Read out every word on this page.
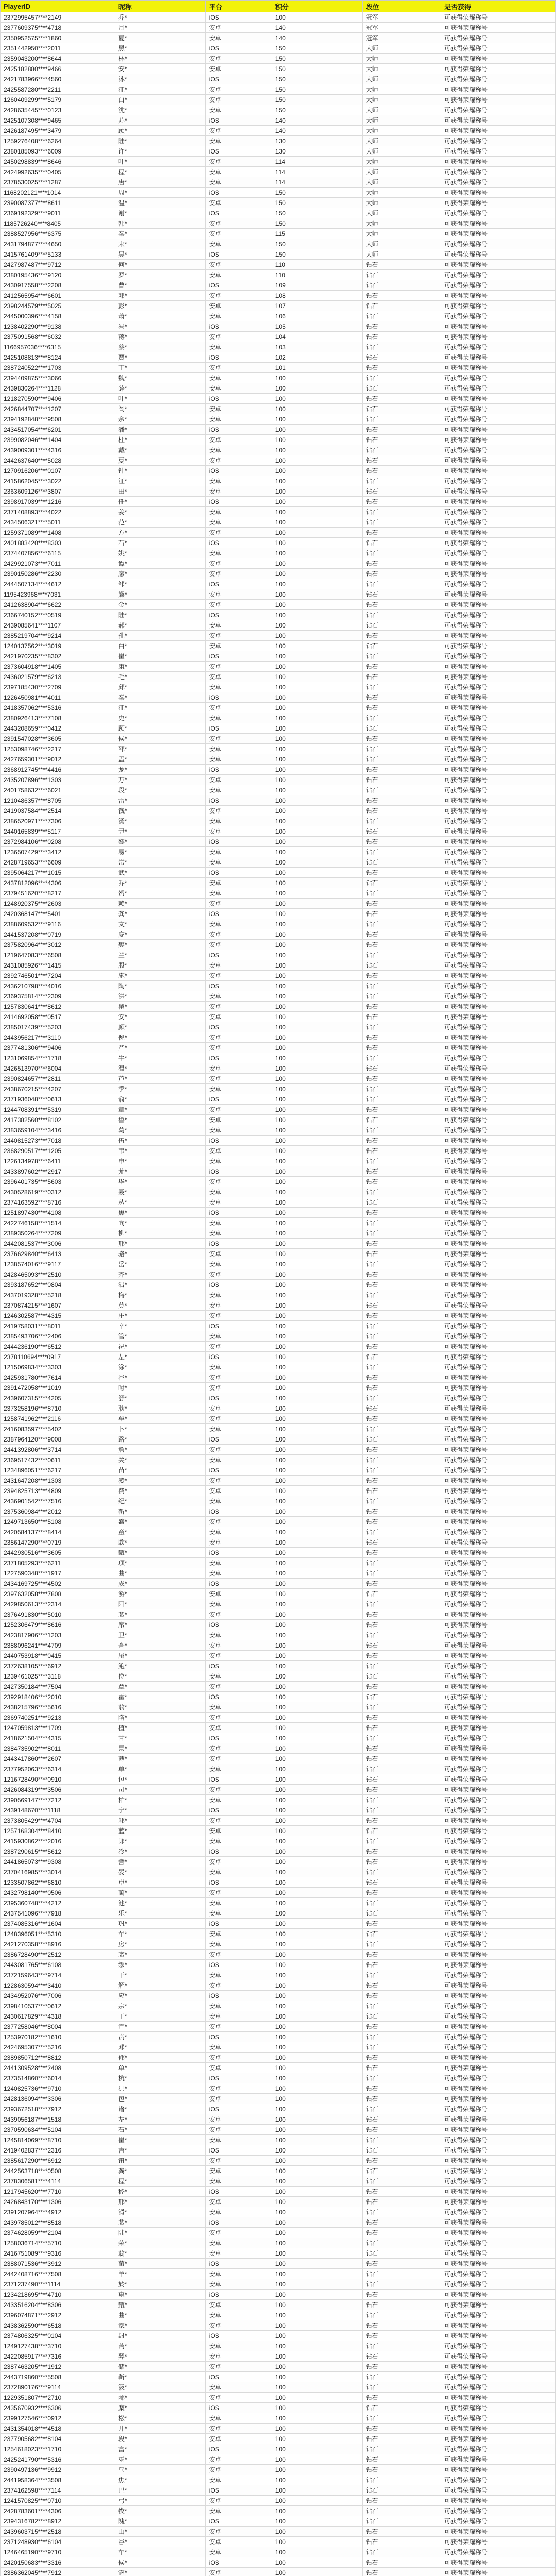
PlayerID	昵称	平台	积分	段位	是否获得
2372995457****2149	乔*	iOS	100	冠军	可获得荣耀称号
2377609375****4718	月*	安卓	140	冠军	可获得荣耀称号
2350952575****1860	夏*	安卓	140	冠军	可获得荣耀称号
2351442950****2011	黑*	iOS	150	大师	可获得荣耀称号
2359043200****8644	林*	安卓	150	大师	可获得荣耀称号
2425182880****9466	安*	安卓	150	大师	可获得荣耀称号
2421783966****4560	沐*	iOS	150	大师	可获得荣耀称号
2425587280****2211	江*	安卓	150	大师	可获得荣耀称号
1260409299****5179	白*	安卓	150	大师	可获得荣耀称号
2428635445****0123	沈*	安卓	150	大师	可获得荣耀称号
2425107308****9465	苏*	iOS	140	大师	可获得荣耀称号
2426187495****3479	顾*	安卓	140	大师	可获得荣耀称号
1259276408****6264	陆*	安卓	130	大师	可获得荣耀称号
2380185093****6009	许*	iOS	130	大师	可获得荣耀称号
2450298839****8646	叶*	安卓	114	大师	可获得荣耀称号
2424992635****0405	程*	安卓	114	大师	可获得荣耀称号
2378530025****1287	唐*	安卓	114	大师	可获得荣耀称号
1168202121****1014	周*	iOS	150	大师	可获得荣耀称号
2390087377****8611	温*	安卓	150	大师	可获得荣耀称号
2369192329****9011	谢*	iOS	150	大师	可获得荣耀称号
1185726240****8405	韩*	安卓	150	大师	可获得荣耀称号
2388527956****6375	秦*	安卓	115	大师	可获得荣耀称号
2431794877****4650	宋*	安卓	150	大师	可获得荣耀称号
2415761409****5133	吴*	iOS	150	大师	可获得荣耀称号
2427987487****9712	何*	安卓	110	钻石	可获得荣耀称号
2380195436****9120	罗*	安卓	110	钻石	可获得荣耀称号
2430917558****2208	曹*	iOS	109	钻石	可获得荣耀称号
2412565954****6601	邓*	安卓	108	钻石	可获得荣耀称号
2398244579****5025	彭*	安卓	107	钻石	可获得荣耀称号
2445000396****4158	萧*	安卓	106	钻石	可获得荣耀称号
1238402290****9138	冯*	iOS	105	钻石	可获得荣耀称号
2375091568****6032	蒋*	安卓	104	钻石	可获得荣耀称号
1166957036****6315	蔡*	安卓	103	钻石	可获得荣耀称号
2425108813****8124	贾*	iOS	102	钻石	可获得荣耀称号
2387240522****1703	丁*	安卓	101	钻石	可获得荣耀称号
2394409875****3066	魏*	安卓	100	钻石	可获得荣耀称号
2439830264****1128	薛*	安卓	100	钻石	可获得荣耀称号
1218270590****9406	叶*	iOS	100	钻石	可获得荣耀称号
2426844707****1207	阎*	安卓	100	钻石	可获得荣耀称号
2394192848****9508	余*	安卓	100	钻石	可获得荣耀称号
2434517054****6201	潘*	iOS	100	钻石	可获得荣耀称号
2399082046****1404	杜*	安卓	100	钻石	可获得荣耀称号
2439009301****4316	戴*	安卓	100	钻石	可获得荣耀称号
2442637640****5028	夏*	安卓	100	钻石	可获得荣耀称号
1270916206****0107	钟*	iOS	100	钻石	可获得荣耀称号
2415862045****3022	汪*	安卓	100	钻石	可获得荣耀称号
2363609126****3807	田*	安卓	100	钻石	可获得荣耀称号
2398917039****1216	任*	iOS	100	钻石	可获得荣耀称号
2371408893****4022	姜*	安卓	100	钻石	可获得荣耀称号
2434506321****5011	范*	安卓	100	钻石	可获得荣耀称号
1259371089****1408	方*	安卓	100	钻石	可获得荣耀称号
2401883420****8303	石*	iOS	100	钻石	可获得荣耀称号
2374407856****6115	姚*	安卓	100	钻石	可获得荣耀称号
2429921073****7011	谭*	安卓	100	钻石	可获得荣耀称号
2390150286****2230	廖*	安卓	100	钻石	可获得荣耀称号
2444507134****4612	邹*	iOS	100	钻石	可获得荣耀称号
1195423968****7031	熊*	安卓	100	钻石	可获得荣耀称号
2412638904****6622	金*	安卓	100	钻石	可获得荣耀称号
2366740152****0519	陆*	iOS	100	钻石	可获得荣耀称号
2439085641****1107	郝*	安卓	100	钻石	可获得荣耀称号
2385219704****9214	孔*	安卓	100	钻石	可获得荣耀称号
1240137562****3019	白*	安卓	100	钻石	可获得荣耀称号
2421970235****8302	崔*	iOS	100	钻石	可获得荣耀称号
2373604918****1405	康*	安卓	100	钻石	可获得荣耀称号
2436021579****6213	毛*	安卓	100	钻石	可获得荣耀称号
2397185430****2709	邱*	安卓	100	钻石	可获得荣耀称号
1226450981****4011	秦*	iOS	100	钻石	可获得荣耀称号
2418357062****5316	江*	安卓	100	钻石	可获得荣耀称号
2380926413****7108	史*	安卓	100	钻石	可获得荣耀称号
2443208659****0412	顾*	iOS	100	钻石	可获得荣耀称号
2391547028****3605	侯*	安卓	100	钻石	可获得荣耀称号
1253098746****2217	邵*	安卓	100	钻石	可获得荣耀称号
2427659301****9012	孟*	安卓	100	钻石	可获得荣耀称号
2368912745****4416	龙*	iOS	100	钻石	可获得荣耀称号
2435207896****1303	万*	安卓	100	钻石	可获得荣耀称号
2401758632****6021	段*	安卓	100	钻石	可获得荣耀称号
1210486357****8705	雷*	iOS	100	钻石	可获得荣耀称号
2419037584****2514	钱*	安卓	100	钻石	可获得荣耀称号
2386520971****7306	汤*	安卓	100	钻石	可获得荣耀称号
2440165839****5117	尹*	安卓	100	钻石	可获得荣耀称号
2372984106****0208	黎*	iOS	100	钻石	可获得荣耀称号
1236507429****3412	易*	安卓	100	钻石	可获得荣耀称号
2428719653****6609	常*	安卓	100	钻石	可获得荣耀称号
2395064217****1015	武*	iOS	100	钻石	可获得荣耀称号
2437812096****4306	乔*	安卓	100	钻石	可获得荣耀称号
2379451620****8217	贺*	安卓	100	钻石	可获得荣耀称号
1248920375****2603	赖*	安卓	100	钻石	可获得荣耀称号
2420368147****5401	龚*	iOS	100	钻石	可获得荣耀称号
2388609532****9116	文*	安卓	100	钻石	可获得荣耀称号
2441537208****0719	庞*	安卓	100	钻石	可获得荣耀称号
2375820964****3012	樊*	安卓	100	钻石	可获得荣耀称号
1219647083****6508	兰*	iOS	100	钻石	可获得荣耀称号
2431085926****1415	殷*	安卓	100	钻石	可获得荣耀称号
2392746501****7204	施*	安卓	100	钻石	可获得荣耀称号
2436210798****4016	陶*	iOS	100	钻石	可获得荣耀称号
2369375814****2309	洪*	安卓	100	钻石	可获得荣耀称号
1257830641****8612	翟*	安卓	100	钻石	可获得荣耀称号
2414692058****0517	安*	安卓	100	钻石	可获得荣耀称号
2385017439****5203	颜*	iOS	100	钻石	可获得荣耀称号
2443956217****3110	倪*	安卓	100	钻石	可获得荣耀称号
2377481306****9406	严*	安卓	100	钻石	可获得荣耀称号
1231069854****1718	牛*	iOS	100	钻石	可获得荣耀称号
2426513970****6004	温*	安卓	100	钻石	可获得荣耀称号
2390824657****2811	芦*	安卓	100	钻石	可获得荣耀称号
2438670215****4207	季*	安卓	100	钻石	可获得荣耀称号
2371936048****0613	俞*	iOS	100	钻石	可获得荣耀称号
1244708391****5319	章*	安卓	100	钻石	可获得荣耀称号
2417382560****8102	鲁*	安卓	100	钻石	可获得荣耀称号
2383659104****3416	葛*	安卓	100	钻石	可获得荣耀称号
2440815273****7018	伍*	iOS	100	钻石	可获得荣耀称号
2368290517****1205	韦*	安卓	100	钻石	可获得荣耀称号
1226134978****6411	申*	安卓	100	钻石	可获得荣耀称号
2433897602****2917	尤*	iOS	100	钻石	可获得荣耀称号
2396401735****5603	毕*	安卓	100	钻石	可获得荣耀称号
2430528619****0312	聂*	安卓	100	钻石	可获得荣耀称号
2374163592****8716	丛*	安卓	100	钻石	可获得荣耀称号
1251897430****4108	焦*	iOS	100	钻石	可获得荣耀称号
2422746158****1514	向*	安卓	100	钻石	可获得荣耀称号
2389350264****7209	柳*	安卓	100	钻石	可获得荣耀称号
2442081537****3006	邢*	iOS	100	钻石	可获得荣耀称号
2376629840****6413	骆*	安卓	100	钻石	可获得荣耀称号
1238574016****9117	岳*	安卓	100	钻石	可获得荣耀称号
2428465093****2510	齐*	安卓	100	钻石	可获得荣耀称号
2393187652****0804	沿*	iOS	100	钻石	可获得荣耀称号
2437019328****5218	梅*	安卓	100	钻石	可获得荣耀称号
2370874215****1607	莫*	安卓	100	钻石	可获得荣耀称号
1246302587****4315	庄*	安卓	100	钻石	可获得荣耀称号
2419758031****8011	辛*	iOS	100	钻石	可获得荣耀称号
2385493706****2406	管*	安卓	100	钻石	可获得荣耀称号
2444236190****6512	祝*	安卓	100	钻石	可获得荣耀称号
2378110694****0917	左*	iOS	100	钻石	可获得荣耀称号
1215069834****3303	涂*	安卓	100	钻石	可获得荣耀称号
2425931780****7614	谷*	安卓	100	钻石	可获得荣耀称号
2391472058****1019	时*	安卓	100	钻石	可获得荣耀称号
2439607315****4205	舒*	iOS	100	钻石	可获得荣耀称号
2373258196****8710	耿*	安卓	100	钻石	可获得荣耀称号
1258741962****2116	牟*	安卓	100	钻石	可获得荣耀称号
2416083597****5402	卜*	安卓	100	钻石	可获得荣耀称号
2387964120****9008	路*	iOS	100	钻石	可获得荣耀称号
2441392806****3714	詹*	安卓	100	钻石	可获得荣耀称号
2369517432****0611	关*	安卓	100	钻石	可获得荣耀称号
1234896051****6217	苗*	iOS	100	钻石	可获得荣耀称号
2431647208****1303	凌*	安卓	100	钻石	可获得荣耀称号
2394825713****4809	费*	安卓	100	钻石	可获得荣耀称号
2436901542****7516	纪*	安卓	100	钻石	可获得荣耀称号
2375360984****2012	靳*	iOS	100	钻石	可获得荣耀称号
1249713650****5108	盛*	安卓	100	钻石	可获得荣耀称号
2420584137****8414	童*	安卓	100	钻石	可获得荣耀称号
2386147290****0719	欧*	安卓	100	钻石	可获得荣耀称号
2442930516****3605	甄*	iOS	100	钻石	可获得荣耀称号
2371805293****6211	项*	安卓	100	钻石	可获得荣耀称号
1227590348****1917	曲*	安卓	100	钻石	可获得荣耀称号
2434169725****4502	成*	iOS	100	钻石	可获得荣耀称号
2397632058****7808	游*	安卓	100	钻石	可获得荣耀称号
2429850613****2314	阳*	安卓	100	钻石	可获得荣耀称号
2376491830****5010	裴*	安卓	100	钻石	可获得荣耀称号
1252306479****8616	席*	iOS	100	钻石	可获得荣耀称号
2423817906****1203	卫*	安卓	100	钻石	可获得荣耀称号
2388096241****4709	查*	安卓	100	钻石	可获得荣耀称号
2440753918****0415	屈*	安卓	100	钻石	可获得荣耀称号
2372638105****6912	鲍*	iOS	100	钻石	可获得荣耀称号
1239461025****3118	位*	安卓	100	钻石	可获得荣耀称号
2427350184****7504	覃*	安卓	100	钻石	可获得荣耀称号
2392918406****2010	霍*	iOS	100	钻石	可获得荣耀称号
2438215796****5616	翁*	安卓	100	钻石	可获得荣耀称号
2369740251****9213	隋*	安卓	100	钻石	可获得荣耀称号
1247059813****1709	植*	安卓	100	钻石	可获得荣耀称号
2418621504****4315	甘*	iOS	100	钻石	可获得荣耀称号
2384735902****8011	景*	安卓	100	钻石	可获得荣耀称号
2443417860****2607	薄*	安卓	100	钻石	可获得荣耀称号
2377952063****6314	单*	安卓	100	钻石	可获得荣耀称号
1216728490****0910	包*	iOS	100	钻石	可获得荣耀称号
2426084319****3506	司*	安卓	100	钻石	可获得荣耀称号
2390569147****7212	柏*	安卓	100	钻石	可获得荣耀称号
2439148670****1118	宁*	iOS	100	钻石	可获得荣耀称号
2373805429****4704	邬*	安卓	100	钻石	可获得荣耀称号
1257168304****8410	蓝*	安卓	100	钻石	可获得荣耀称号
2415930862****2016	郎*	安卓	100	钻石	可获得荣耀称号
2387290615****5612	冷*	iOS	100	钻石	可获得荣耀称号
2441865073****9308	訾*	安卓	100	钻石	可获得荣耀称号
2370416985****3014	晏*	安卓	100	钻石	可获得荣耀称号
1233507862****6810	卓*	iOS	100	钻石	可获得荣耀称号
2432798140****0506	蔺*	安卓	100	钻石	可获得荣耀称号
2395360748****4212	池*	安卓	100	钻石	可获得荣耀称号
2437541096****7918	乐*	安卓	100	钻石	可获得荣耀称号
2374085316****1604	巩*	iOS	100	钻石	可获得荣耀称号
1248396051****5310	车*	安卓	100	钻石	可获得荣耀称号
2421270358****8916	房*	安卓	100	钻石	可获得荣耀称号
2386728490****2512	裘*	安卓	100	钻石	可获得荣耀称号
2443081765****6108	缪*	iOS	100	钻石	可获得荣耀称号
2372159643****9714	干*	安卓	100	钻石	可获得荣耀称号
1228630594****3410	解*	安卓	100	钻石	可获得荣耀称号
2434952076****7006	应*	iOS	100	钻石	可获得荣耀称号
2398410537****0612	宗*	安卓	100	钻石	可获得荣耀称号
2430617829****4318	丁*	安卓	100	钻石	可获得荣耀称号
2377258046****8004	宣*	安卓	100	钻石	可获得荣耀称号
1253970182****1610	贲*	iOS	100	钻石	可获得荣耀称号
2424695307****5216	邓*	安卓	100	钻石	可获得荣耀称号
2389850712****8812	郁*	安卓	100	钻石	可获得荣耀称号
2441309528****2408	单*	安卓	100	钻石	可获得荣耀称号
2373514860****6014	杭*	iOS	100	钻石	可获得荣耀称号
1240825736****9710	洪*	安卓	100	钻石	可获得荣耀称号
2428136094****3306	包*	安卓	100	钻石	可获得荣耀称号
2393672518****7912	诸*	iOS	100	钻石	可获得荣耀称号
2439056187****1518	左*	安卓	100	钻石	可获得荣耀称号
2370590634****5104	石*	安卓	100	钻石	可获得荣耀称号
1245814069****8710	崔*	安卓	100	钻石	可获得荣耀称号
2419402837****2316	吉*	iOS	100	钻石	可获得荣耀称号
2385617290****6912	钮*	安卓	100	钻石	可获得荣耀称号
2442563718****0508	龚*	安卓	100	钻石	可获得荣耀称号
2378306581****4114	程*	安卓	100	钻石	可获得荣耀称号
1217945620****7710	嵇*	iOS	100	钻石	可获得荣耀称号
2426843170****1306	邢*	安卓	100	钻石	可获得荣耀称号
2391207964****4912	滑*	安卓	100	钻石	可获得荣耀称号
2439785012****8518	裴*	iOS	100	钻石	可获得荣耀称号
2374628059****2104	陆*	安卓	100	钻石	可获得荣耀称号
1258036714****5710	荣*	安卓	100	钻石	可获得荣耀称号
2416751089****9316	翁*	安卓	100	钻石	可获得荣耀称号
2388071536****3912	荀*	iOS	100	钻石	可获得荣耀称号
2442408716****7508	羊*	安卓	100	钻石	可获得荣耀称号
2371237490****1114	於*	安卓	100	钻石	可获得荣耀称号
1234218695****4710	惠*	iOS	100	钻石	可获得荣耀称号
2433516204****8306	甄*	安卓	100	钻石	可获得荣耀称号
2396074871****2912	曲*	安卓	100	钻石	可获得荣耀称号
2438362590****6518	家*	安卓	100	钻石	可获得荣耀称号
2374806325****0104	封*	iOS	100	钻石	可获得荣耀称号
1249127438****3710	芮*	安卓	100	钻石	可获得荣耀称号
2422085917****7316	羿*	安卓	100	钻石	可获得荣耀称号
2387463205****1912	储*	安卓	100	钻石	可获得荣耀称号
2443719860****5508	靳*	iOS	100	钻石	可获得荣耀称号
2372890176****9114	汲*	安卓	100	钻石	可获得荣耀称号
1229351807****2710	邴*	安卓	100	钻石	可获得荣耀称号
2435670932****6306	糜*	iOS	100	钻石	可获得荣耀称号
2399127546****0912	松*	安卓	100	钻石	可获得荣耀称号
2431354018****4518	井*	安卓	100	钻石	可获得荣耀称号
2377905682****8104	段*	安卓	100	钻石	可获得荣耀称号
1254618023****1710	富*	iOS	100	钻石	可获得荣耀称号
2425241790****5316	巫*	安卓	100	钻石	可获得荣耀称号
2390497136****9912	乌*	安卓	100	钻石	可获得荣耀称号
2441958364****3508	焦*	安卓	100	钻石	可获得荣耀称号
2374162598****7114	巴*	iOS	100	钻石	可获得荣耀称号
1241570825****0710	弓*	安卓	100	钻石	可获得荣耀称号
2428783601****4306	牧*	安卓	100	钻石	可获得荣耀称号
2394316782****8912	隗*	iOS	100	钻石	可获得荣耀称号
2439603715****2518	山*	安卓	100	钻石	可获得荣耀称号
2371248930****6104	谷*	安卓	100	钻石	可获得荣耀称号
1246465190****9710	车*	安卓	100	钻石	可获得荣耀称号
2420150683****3316	侯*	iOS	100	钻石	可获得荣耀称号
2386362045****7912	宓*	安卓	100	钻石	可获得荣耀称号
